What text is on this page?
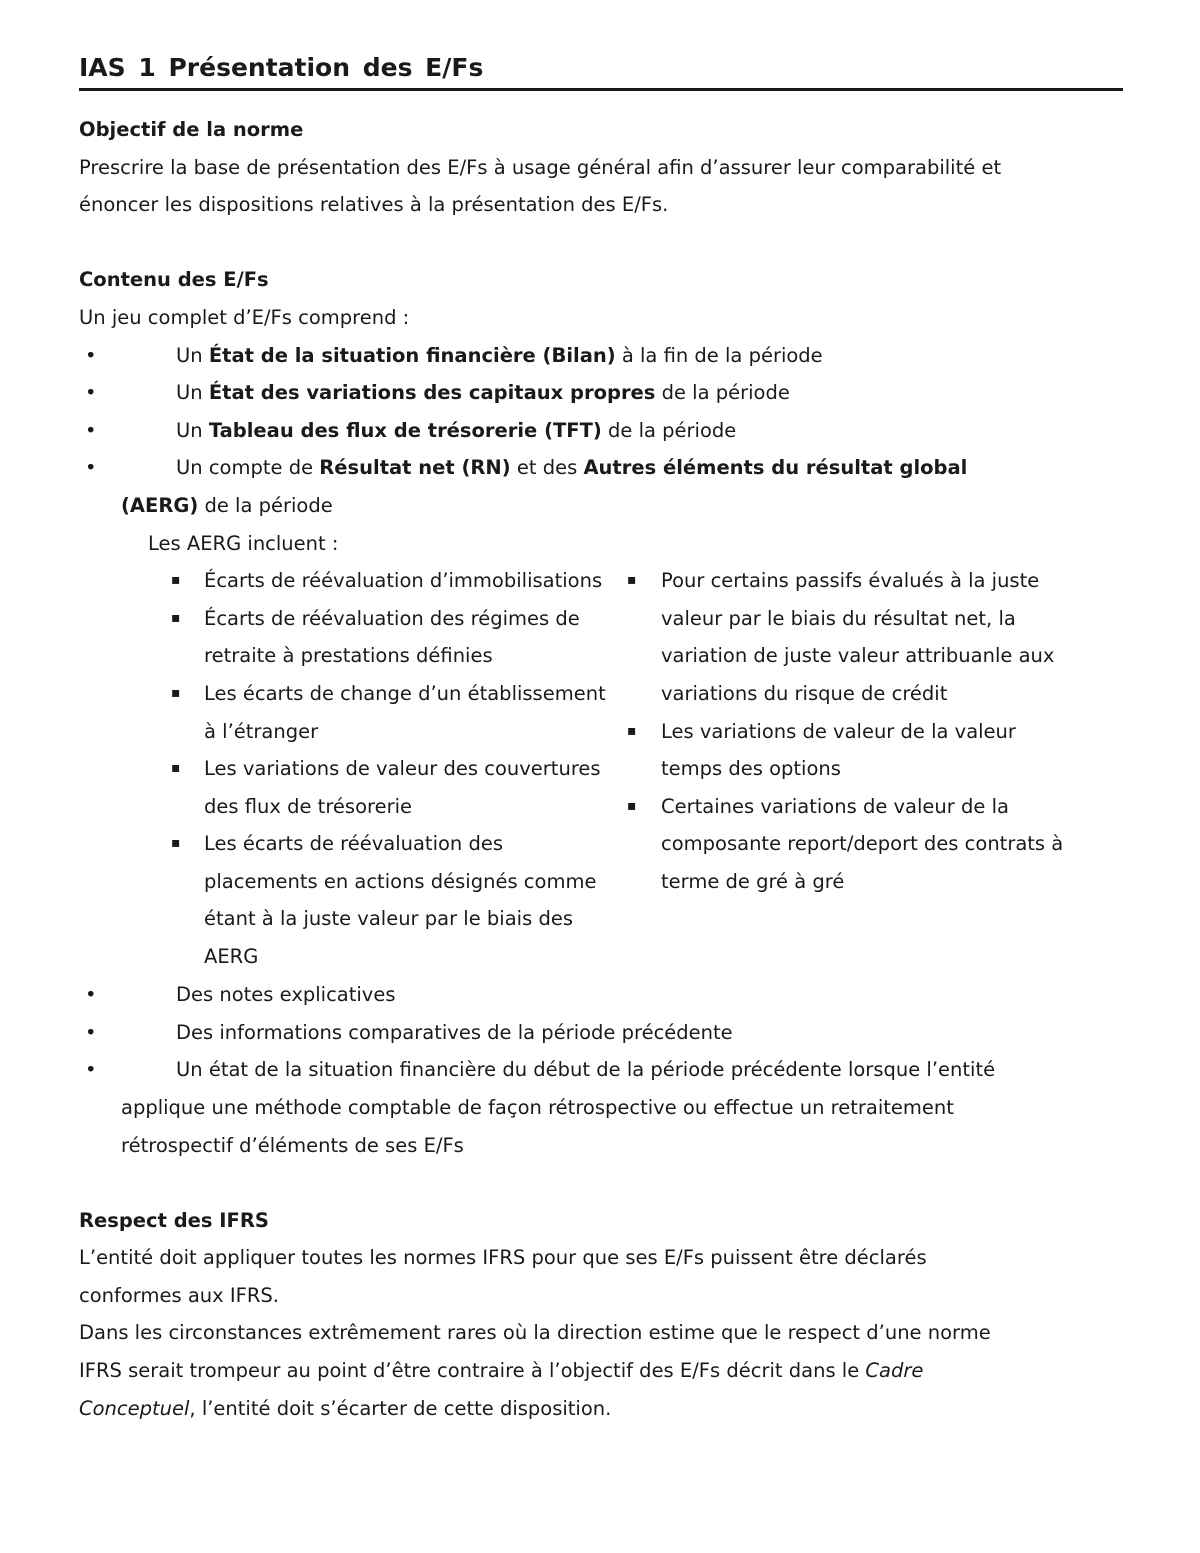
IAS 1 Présentation des E/Fs
Objectif de la norme
Prescrire la base de présentation des E/Fs à usage général afin d’assurer leur comparabilité et
énoncer les dispositions relatives à la présentation des E/Fs.
Contenu des E/Fs
Un jeu complet d’E/Fs comprend :
•	Un État de la situation financière (Bilan) à la fin de la période
•	Un État des variations des capitaux propres de la période
•	Un Tableau des flux de trésorerie (TFT) de la période
•	Un compte de Résultat net (RN) et des Autres éléments du résultat global
(AERG) de la période
Les AERG incluent :
▪ Écarts de réévaluation d’immobilisations
▪ Écarts de réévaluation des régimes de
retraite à prestations définies
▪ Les écarts de change d’un établissement
à l’étranger
▪ Les variations de valeur des couvertures
des flux de trésorerie
▪ Les écarts de réévaluation des
placements en actions désignés comme
étant à la juste valeur par le biais des
AERG
▪ Pour certains passifs évalués à la juste
valeur par le biais du résultat net, la
variation de juste valeur attribuanle aux
variations du risque de crédit
▪ Les variations de valeur de la valeur
temps des options
▪ Certaines variations de valeur de la
composante report/deport des contrats à
terme de gré à gré
•	Des notes explicatives
•	Des informations comparatives de la période précédente
•	Un état de la situation financière du début de la période précédente lorsque l’entité
applique une méthode comptable de façon rétrospective ou effectue un retraitement
rétrospectif d’éléments de ses E/Fs
Respect des IFRS
L’entité doit appliquer toutes les normes IFRS pour que ses E/Fs puissent être déclarés
conformes aux IFRS.
Dans les circonstances extrêmement rares où la direction estime que le respect d’une norme
IFRS serait trompeur au point d’être contraire à l’objectif des E/Fs décrit dans le Cadre
Conceptuel, l’entité doit s’écarter de cette disposition.
